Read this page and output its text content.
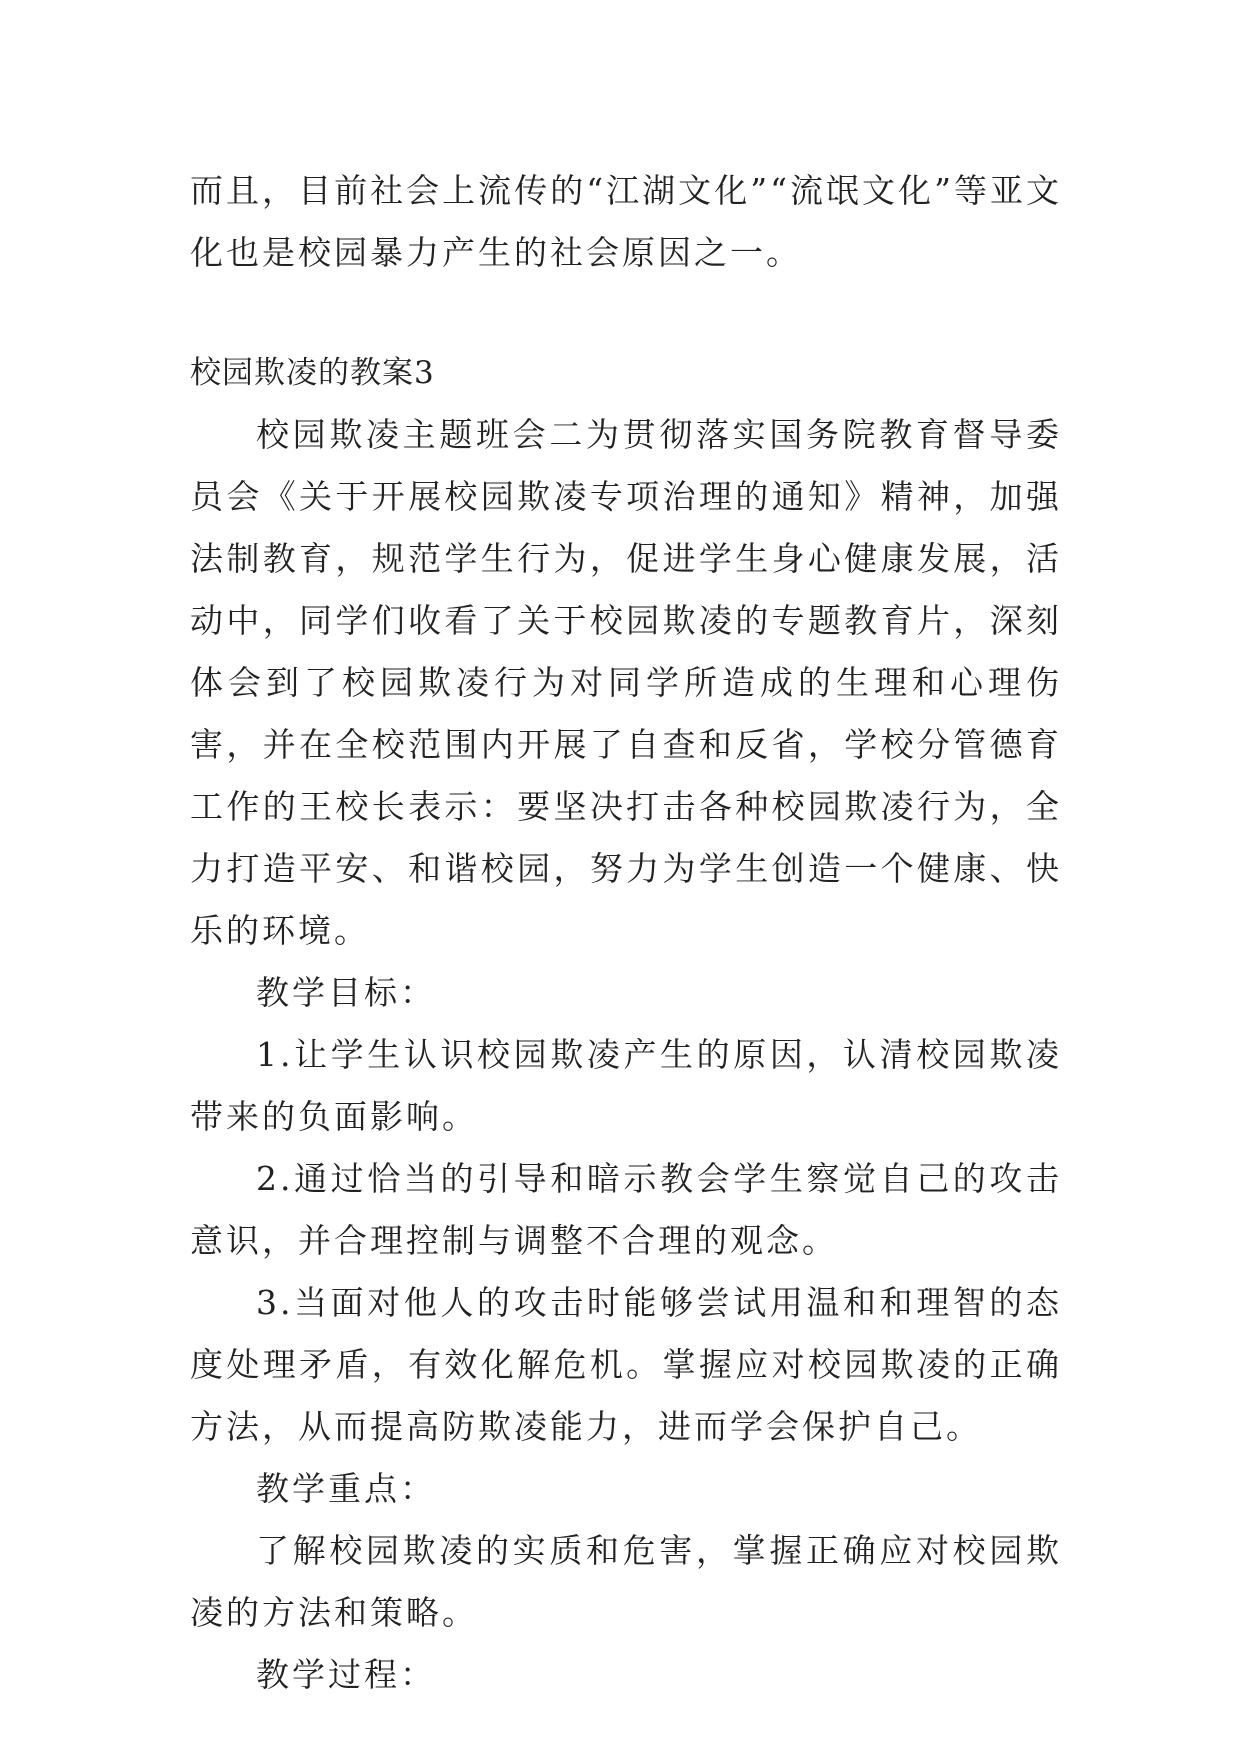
而且，目前社会上流传的“江湖文化”“流氓文化”等亚文化也是校园暴力产生的社会原因之一。

校园欺凌的教案3

校园欺凌主题班会二为贯彻落实国务院教育督导委员会《关于开展校园欺凌专项治理的通知》精神，加强法制教育，规范学生行为，促进学生身心健康发展，活动中，同学们收看了关于校园欺凌的专题教育片，深刻体会到了校园欺凌行为对同学所造成的生理和心理伤害，并在全校范围内开展了自查和反省，学校分管德育工作的王校长表示：要坚决打击各种校园欺凌行为，全力打造平安、和谐校园，努力为学生创造一个健康、快乐的环境。

教学目标：

1.让学生认识校园欺凌产生的原因，认清校园欺凌带来的负面影响。

2.通过恰当的引导和暗示教会学生察觉自己的攻击意识，并合理控制与调整不合理的观念。

3.当面对他人的攻击时能够尝试用温和和理智的态度处理矛盾，有效化解危机。掌握应对校园欺凌的正确方法，从而提高防欺凌能力，进而学会保护自己。

教学重点：

了解校园欺凌的实质和危害，掌握正确应对校园欺凌的方法和策略。

教学过程：
